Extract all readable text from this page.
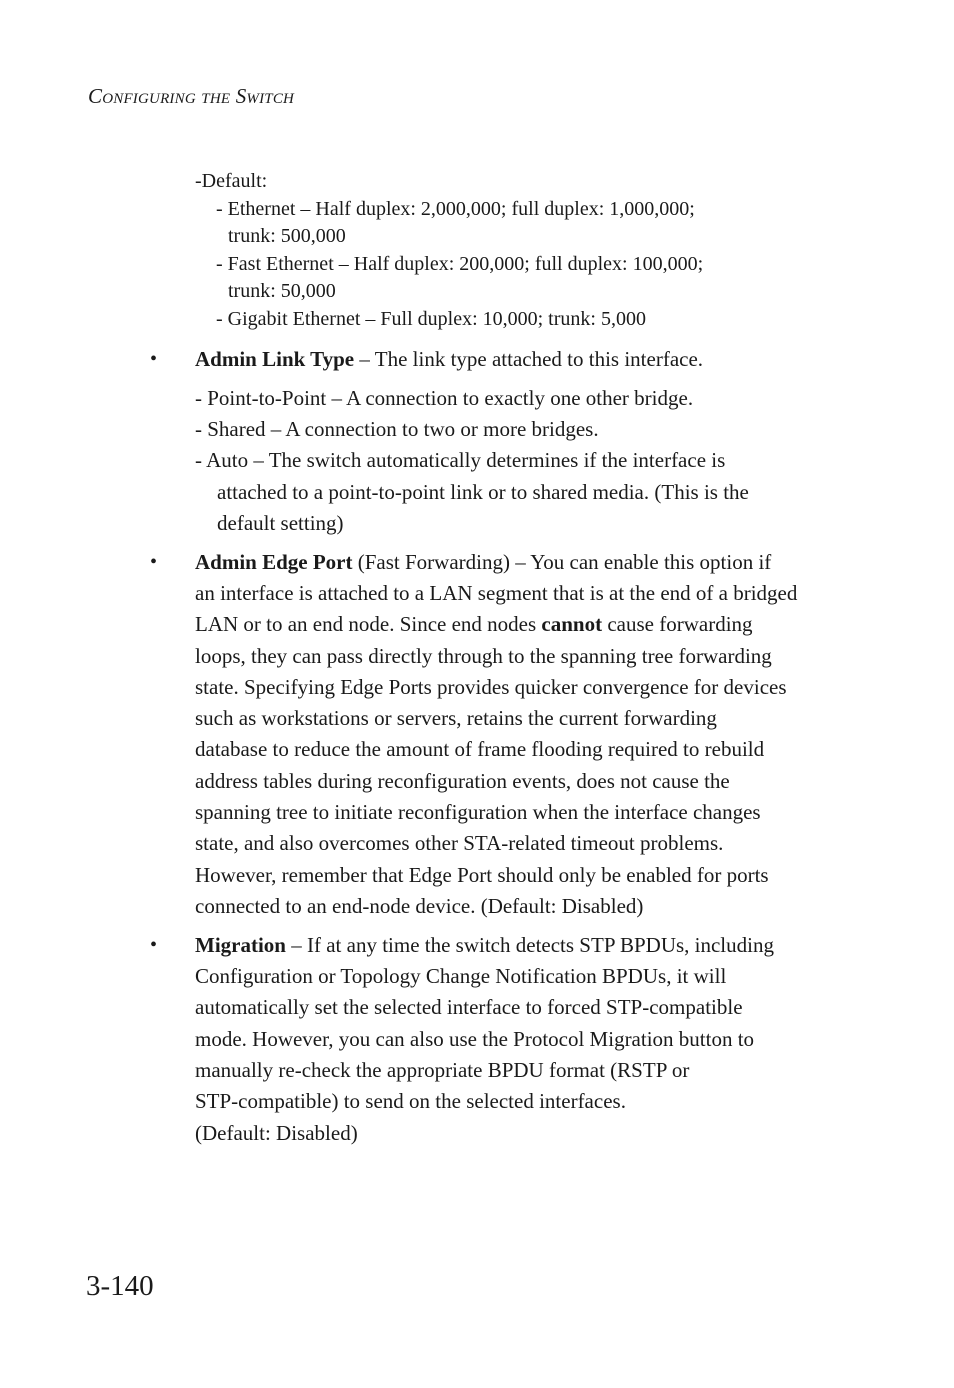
Configuring the Switch
-Default:
- Ethernet – Half duplex: 2,000,000; full duplex: 1,000,000;
trunk: 500,000
- Fast Ethernet – Half duplex: 200,000; full duplex: 100,000;
trunk: 50,000
- Gigabit Ethernet – Full duplex: 10,000; trunk: 5,000
• Admin Link Type – The link type attached to this interface.
- Point-to-Point – A connection to exactly one other bridge.
- Shared – A connection to two or more bridges.
- Auto – The switch automatically determines if the interface is
attached to a point-to-point link or to shared media. (This is the
default setting)
• Admin Edge Port (Fast Forwarding) – You can enable this option if
an interface is attached to a LAN segment that is at the end of a bridged
LAN or to an end node. Since end nodes cannot cause forwarding
loops, they can pass directly through to the spanning tree forwarding
state. Specifying Edge Ports provides quicker convergence for devices
such as workstations or servers, retains the current forwarding
database to reduce the amount of frame flooding required to rebuild
address tables during reconfiguration events, does not cause the
spanning tree to initiate reconfiguration when the interface changes
state, and also overcomes other STA-related timeout problems.
However, remember that Edge Port should only be enabled for ports
connected to an end-node device. (Default: Disabled)
• Migration – If at any time the switch detects STP BPDUs, including
Configuration or Topology Change Notification BPDUs, it will
automatically set the selected interface to forced STP-compatible
mode. However, you can also use the Protocol Migration button to
manually re-check the appropriate BPDU format (RSTP or
STP-compatible) to send on the selected interfaces.
(Default: Disabled)
3-140
